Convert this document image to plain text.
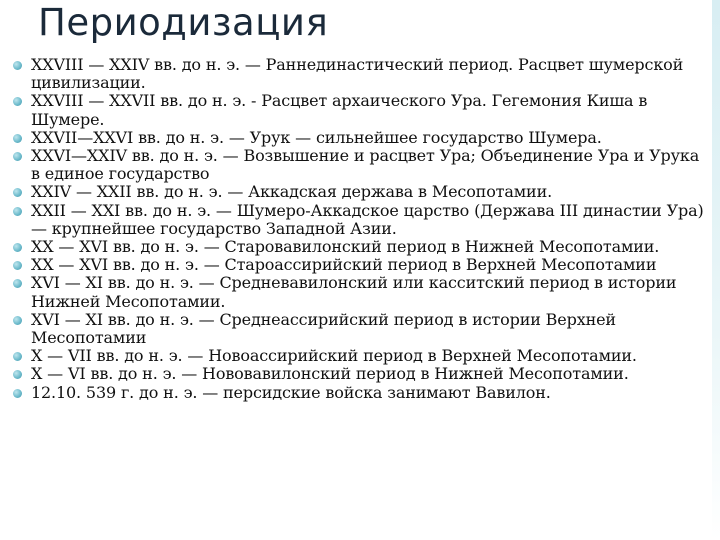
Периодизация
XXVIII — XXIV вв. до н. э. — Раннединастический период. Расцвет шумерской цивилизации.
XXVIII — XXVII вв. до н. э. - Расцвет архаического Ура. Гегемония Киша в Шумере.
XXVII—XXVI вв. до н. э. — Урук — сильнейшее государство Шумера.
XXVI—XXIV вв. до н. э. — Возвышение и расцвет Ура; Объединение Ура и Урука в единое государство
XXIV — XXII вв. до н. э. — Аккадская держава в Месопотамии.
XXII — XXI вв. до н. э. — Шумеро-Аккадское царство (Держава III династии Ура) — крупнейшее государство Западной Азии.
XX — XVI вв. до н. э. — Старовавилонский период в Нижней Месопотамии.
XX — XVI вв. до н. э. — Староассирийский период в Верхней Месопотамии
XVI — XI вв. до н. э. — Средневавилонский или касситский период в истории Нижней Месопотамии.
XVI — XI вв. до н. э. — Среднеассирийский период в истории Верхней Месопотамии
X — VII вв. до н. э. — Новоассирийский период в Верхней Месопотамии.
X — VI вв. до н. э. — Нововавилонский период в Нижней Месопотамии.
12.10. 539 г. до н. э. — персидские войска занимают Вавилон.
